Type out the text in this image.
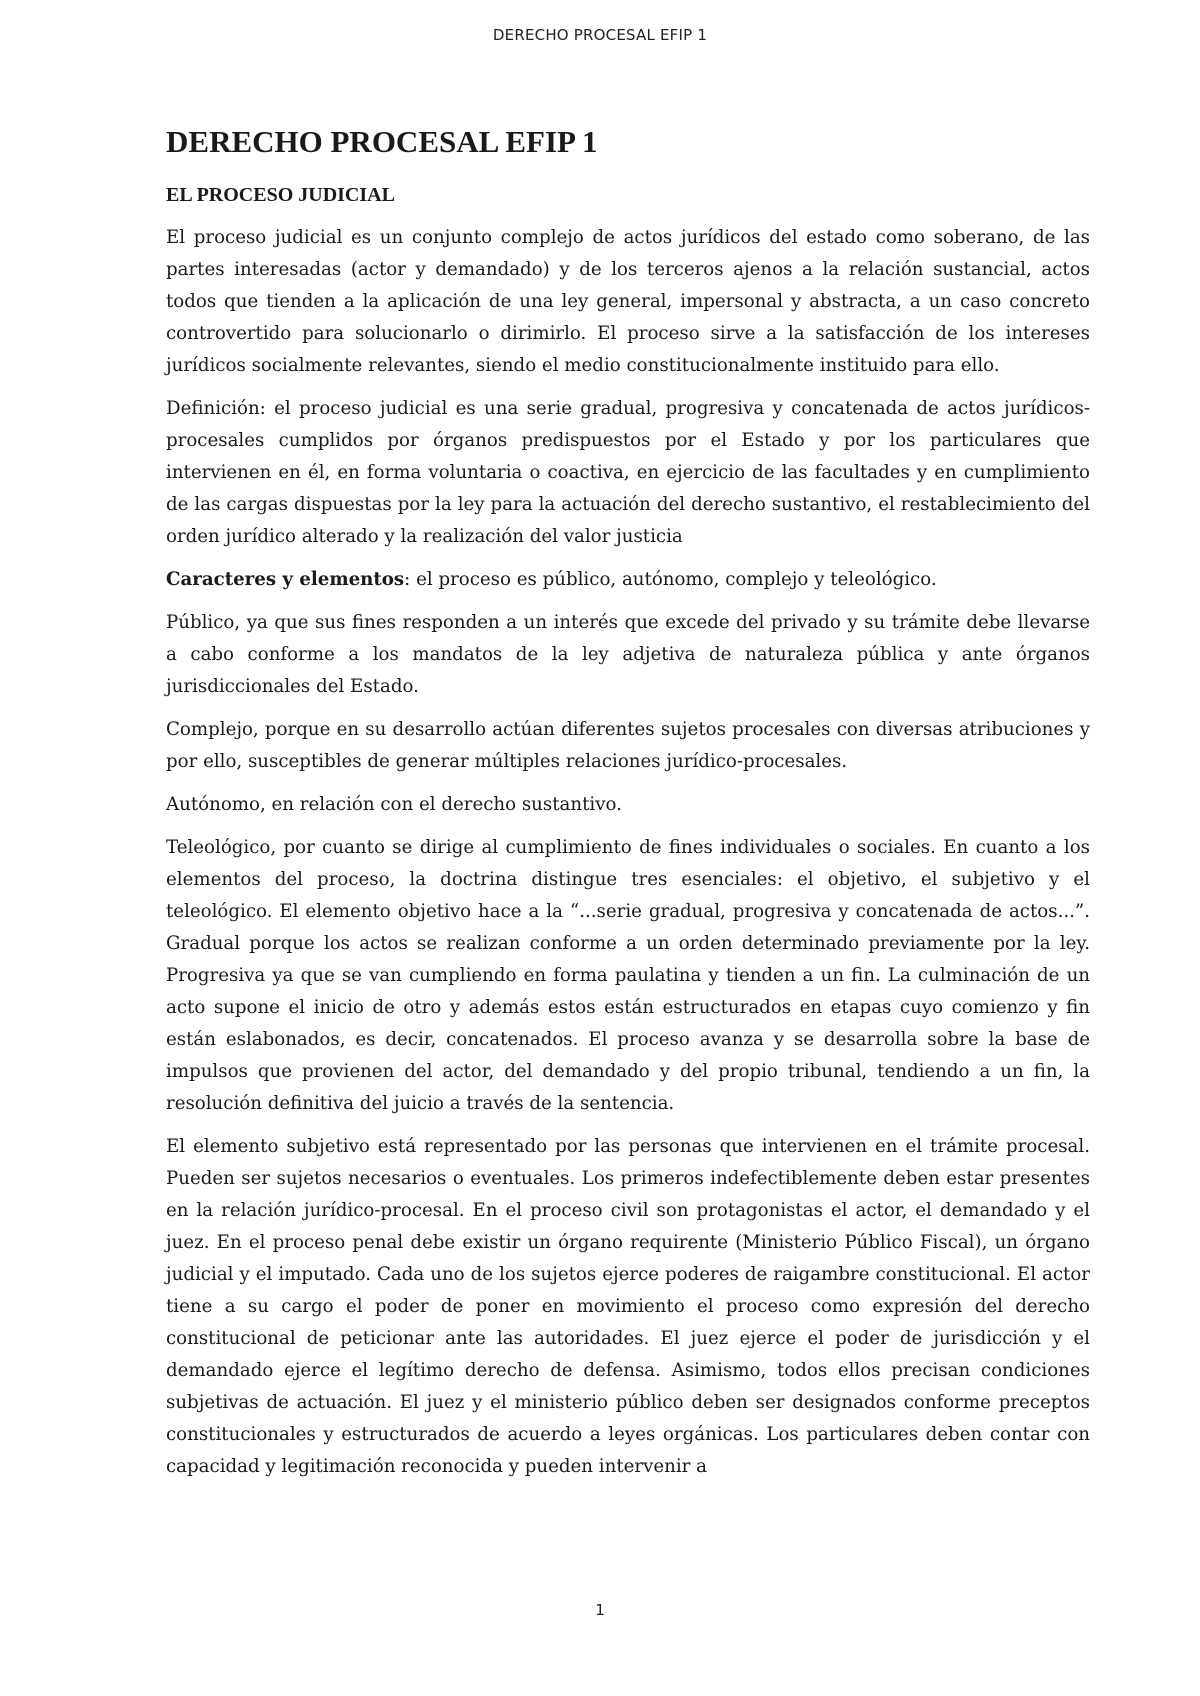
DERECHO PROCESAL EFIP 1
DERECHO PROCESAL EFIP 1
EL PROCESO JUDICIAL

El proceso judicial es un conjunto complejo de actos jurídicos del estado como soberano, de las partes interesadas (actor y demandado) y de los terceros ajenos a la relación sustancial, actos todos que tienden a la aplicación de una ley general, impersonal y abstracta, a un caso concreto controvertido para solucionarlo o dirimirlo. El proceso sirve a la satisfacción de los intereses jurídicos socialmente relevantes, siendo el medio constitucionalmente instituido para ello.

Definición: el proceso judicial es una serie gradual, progresiva y concatenada de actos jurídicos-procesales cumplidos por órganos predispuestos por el Estado y por los particulares que intervienen en él, en forma voluntaria o coactiva, en ejercicio de las facultades y en cumplimiento de las cargas dispuestas por la ley para la actuación del derecho sustantivo, el restablecimiento del orden jurídico alterado y la realización del valor justicia

Caracteres y elementos: el proceso es público, autónomo, complejo y teleológico.

Público, ya que sus fines responden a un interés que excede del privado y su trámite debe llevarse a cabo conforme a los mandatos de la ley adjetiva de naturaleza pública y ante órganos jurisdiccionales del Estado.

Complejo, porque en su desarrollo actúan diferentes sujetos procesales con diversas atribuciones y por ello, susceptibles de generar múltiples relaciones jurídico-procesales.

Autónomo, en relación con el derecho sustantivo.

Teleológico, por cuanto se dirige al cumplimiento de fines individuales o sociales. En cuanto a los elementos del proceso, la doctrina distingue tres esenciales: el objetivo, el subjetivo y el teleológico. El elemento objetivo hace a la “...serie gradual, progresiva y concatenada de actos...”. Gradual porque los actos se realizan conforme a un orden determinado previamente por la ley. Progresiva ya que se van cumpliendo en forma paulatina y tienden a un fin. La culminación de un acto supone el inicio de otro y además estos están estructurados en etapas cuyo comienzo y fin están eslabonados, es decir, concatenados. El proceso avanza y se desarrolla sobre la base de impulsos que provienen del actor, del demandado y del propio tribunal, tendiendo a un fin, la resolución definitiva del juicio a través de la sentencia.

El elemento subjetivo está representado por las personas que intervienen en el trámite procesal. Pueden ser sujetos necesarios o eventuales. Los primeros indefectiblemente deben estar presentes en la relación jurídico-procesal. En el proceso civil son protagonistas el actor, el demandado y el juez. En el proceso penal debe existir un órgano requirente (Ministerio Público Fiscal), un órgano judicial y el imputado. Cada uno de los sujetos ejerce poderes de raigambre constitucional. El actor tiene a su cargo el poder de poner en movimiento el proceso como expresión del derecho constitucional de peticionar ante las autoridades. El juez ejerce el poder de jurisdicción y el demandado ejerce el legítimo derecho de defensa. Asimismo, todos ellos precisan condiciones subjetivas de actuación. El juez y el ministerio público deben ser designados conforme preceptos constitucionales y estructurados de acuerdo a leyes orgánicas. Los particulares deben contar con capacidad y legitimación reconocida y pueden intervenir a

1
